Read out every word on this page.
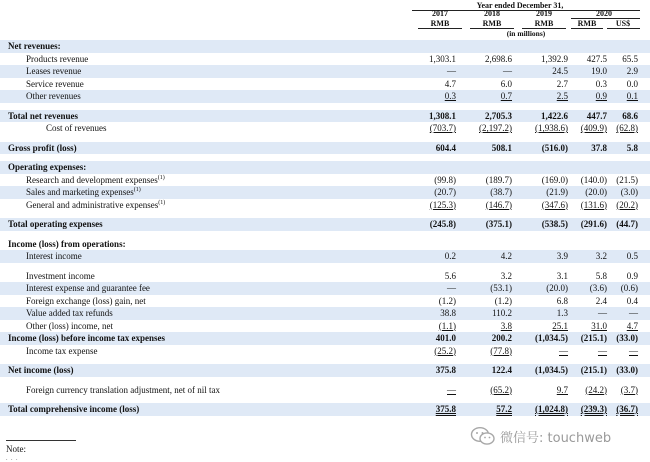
Year ended December 31,
2017	2018	2019	2020
RMB	RMB	RMB	RMB	US$
(in millions)
Net revenues:
Products revenue	1,303.1	2,698.6	1,392.9	427.5	65.5
Leases revenue	—	—	24.5	19.0	2.9
Service revenue	4.7	6.0	2.7	0.3	0.0
Other revenues	0.3	0.7	2.5	0.9	0.1
Total net revenues	1,308.1	2,705.3	1,422.6	447.7	68.6
Cost of revenues	(703.7)	(2,197.2)	(1,938.6)	(409.9)	(62.8)
Gross profit (loss)	604.4	508.1	(516.0)	37.8	5.8
Operating expenses:
Research and development expenses$^{(1)}$	(99.8)	(189.7)	(169.0)	(140.0)	(21.5)
Sales and marketing expenses$^{(1)}$	(20.7)	(38.7)	(21.9)	(20.0)	(3.0)
General and administrative expenses$^{(1)}$	(125.3)	(146.7)	(347.6)	(131.6)	(20.2)
Total operating expenses	(245.8)	(375.1)	(538.5)	(291.6)	(44.7)
Income (loss) from operations:
Interest income	0.2	4.2	3.9	3.2	0.5
Investment income	5.6	3.2	3.1	5.8	0.9
Interest expense and guarantee fee	—	(53.1)	(20.0)	(3.6)	(0.6)
Foreign exchange (loss) gain, net	(1.2)	(1.2)	6.8	2.4	0.4
Value added tax refunds	38.8	110.2	1.3	—	—
Other (loss) income, net	(1.1)	3.8	25.1	31.0	4.7
Income (loss) before income tax expenses	401.0	200.2	(1,034.5)	(215.1)	(33.0)
Income tax expense	(25.2)	(77.8)	—	—	—
Net income (loss)	375.8	122.4	(1,034.5)	(215.1)	(33.0)
Foreign currency translation adjustment, net of nil tax	—	(65.2)	9.7	(24.2)	(3.7)
Total comprehensive income (loss)	375.8	57.2	(1,024.8)	(239.3)	(36.7)
Note:
. . .
微信号: touchweb
